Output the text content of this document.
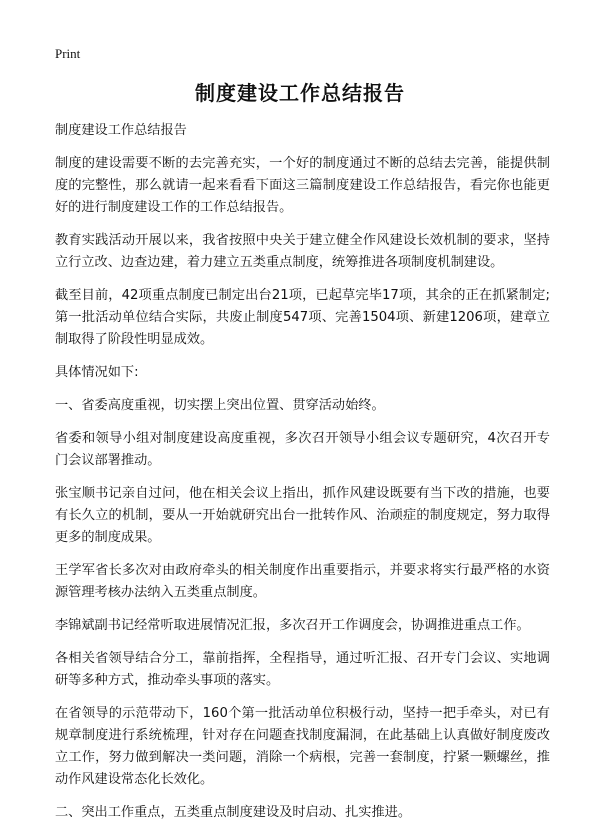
Print
制度建设工作总结报告

制度建设工作总结报告

制度的建设需要不断的去完善充实，一个好的制度通过不断的总结去完善，能提供制度的完整性，那么就请一起来看看下面这三篇制度建设工作总结报告，看完你也能更好的进行制度建设工作的工作总结报告。

教育实践活动开展以来，我省按照中央关于建立健全作风建设长效机制的要求，坚持立行立改、边查边建，着力建立五类重点制度，统筹推进各项制度机制建设。

截至目前，42项重点制度已制定出台21项，已起草完毕17项，其余的正在抓紧制定;第一批活动单位结合实际，共废止制度547项、完善1504项、新建1206项，建章立制取得了阶段性明显成效。

具体情况如下:

一、省委高度重视，切实摆上突出位置、贯穿活动始终。

省委和领导小组对制度建设高度重视，多次召开领导小组会议专题研究，4次召开专门会议部署推动。

张宝顺书记亲自过问，他在相关会议上指出，抓作风建设既要有当下改的措施，也要有长久立的机制，要从一开始就研究出台一批转作风、治顽症的制度规定，努力取得更多的制度成果。

王学军省长多次对由政府牵头的相关制度作出重要指示，并要求将实行最严格的水资源管理考核办法纳入五类重点制度。

李锦斌副书记经常听取进展情况汇报，多次召开工作调度会，协调推进重点工作。

各相关省领导结合分工，靠前指挥，全程指导，通过听汇报、召开专门会议、实地调研等多种方式，推动牵头事项的落实。

在省领导的示范带动下，160个第一批活动单位积极行动，坚持一把手牵头，对已有规章制度进行系统梳理，针对存在问题查找制度漏洞，在此基础上认真做好制度废改立工作，努力做到解决一类问题，消除一个病根，完善一套制度，拧紧一颗螺丝，推动作风建设常态化长效化。

二、突出工作重点，五类重点制度建设及时启动、扎实推进。
